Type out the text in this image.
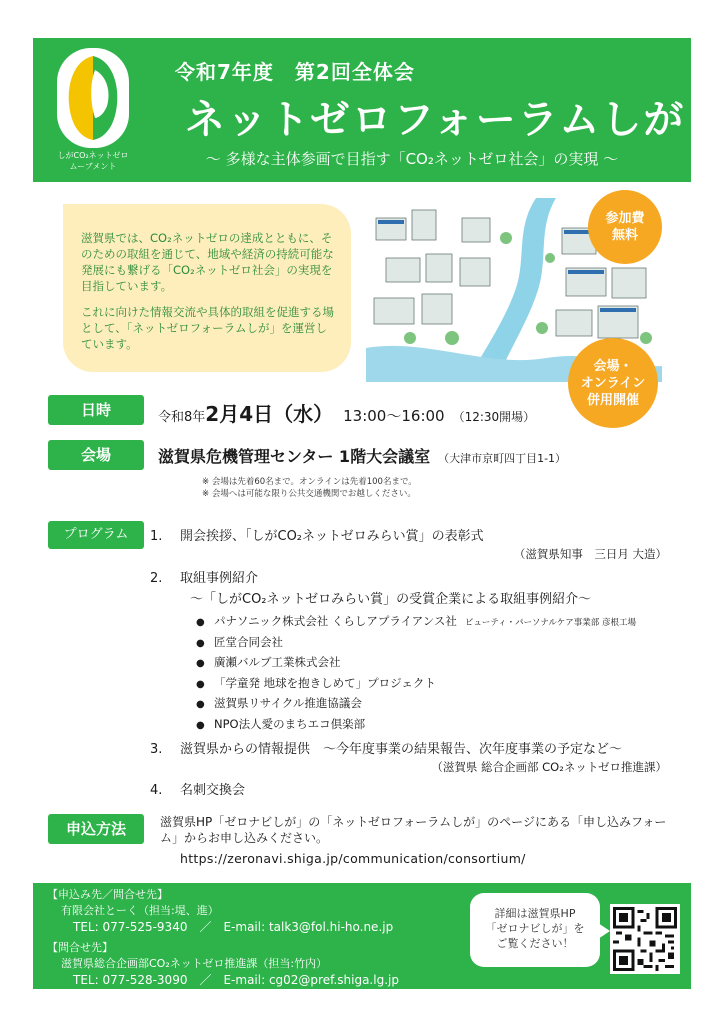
しがCO₂ネットゼロ
ムーブメント
令和7年度　第2回全体会
ネットゼロフォーラムしが
～ 多様な主体参画で目指す「CO₂ネットゼロ社会」の実現 ～

滋賀県では、CO₂ネットゼロの達成とともに、そのための取組を通じて、地域や経済の持続可能な発展にも繋げる「CO₂ネットゼロ社会」の実現を目指しています。

これに向けた情報交流や具体的取組を促進する場として、「ネットゼロフォーラムしが」を運営しています。

参加費
無料
会場・
オンライン
併用開催
日時	令和8年2月4日（水） 13:00～16:00 （12:30開場）
会場	滋賀県危機管理センター 1階大会議室 （大津市京町四丁目1-1）
※ 会場は先着60名まで。オンラインは先着100名まで。
※ 会場へは可能な限り公共交通機関でお越しください。
プログラム	1. 開会挨拶、「しがCO₂ネットゼロみらい賞」の表彰式
（滋賀県知事　三日月 大造）
2. 取組事例紹介
～「しがCO₂ネットゼロみらい賞」の受賞企業による取組事例紹介～
● パナソニック株式会社 くらしアプライアンス社 ビューティ・パーソナルケア事業部 彦根工場
● 匠堂合同会社
● 廣瀬バルブ工業株式会社
● 「学童発 地球を抱きしめて」プロジェクト
● 滋賀県リサイクル推進協議会
● NPO法人愛のまちエコ倶楽部
3. 滋賀県からの情報提供　～今年度事業の結果報告、次年度事業の予定など～
（滋賀県 総合企画部 CO₂ネットゼロ推進課）
4. 名刺交換会
申込方法	滋賀県HP「ゼロナビしが」の「ネットゼロフォーラムしが」のページにある「申し込みフォーム」からお申し込みください。
https://zeronavi.shiga.jp/communication/consortium/
【申込み先／問合せ先】
有限会社とーく（担当:堤、進）
TEL: 077-525-9340　／　E-mail: talk3@fol.hi-ho.ne.jp
【問合せ先】
滋賀県総合企画部CO₂ネットゼロ推進課（担当:竹内）
TEL: 077-528-3090　／　E-mail: cg02@pref.shiga.lg.jp
詳細は滋賀県HP
「ゼロナビしが」を
ご覧ください！
